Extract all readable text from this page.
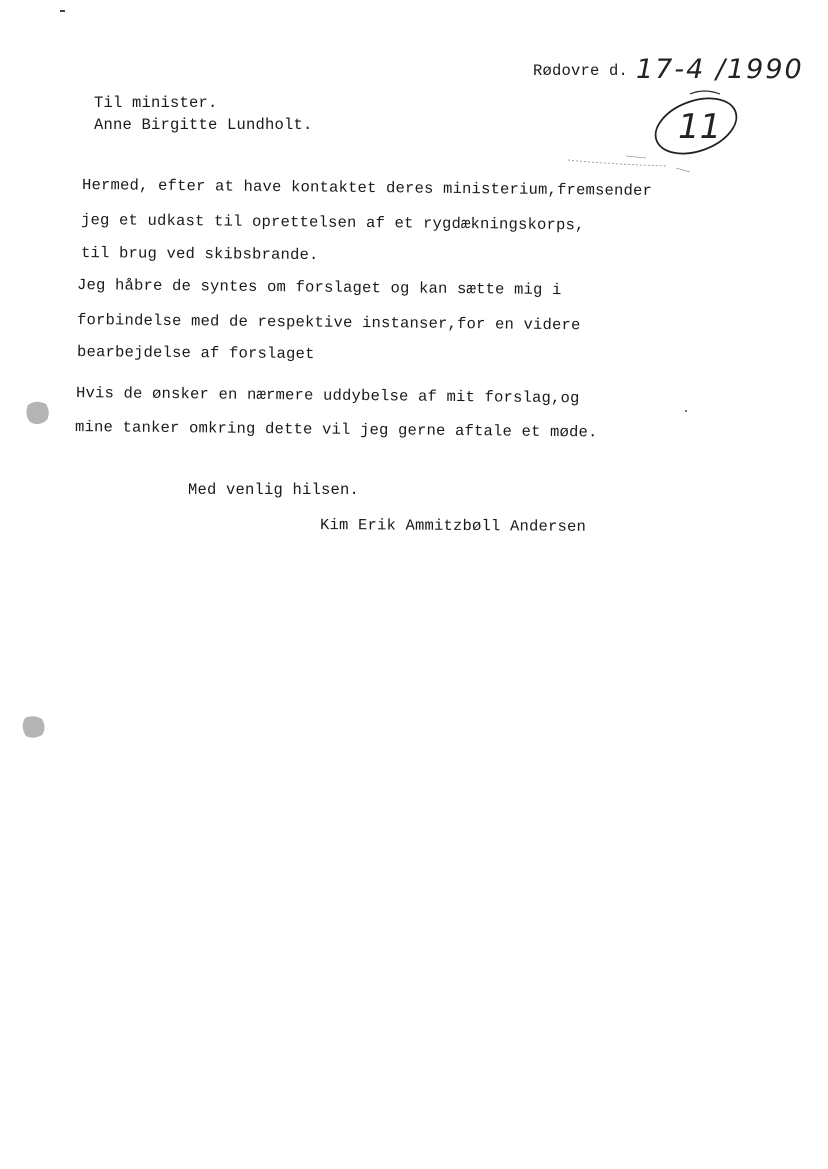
Rødovre d. 17-4 /1990
Til minister.
Anne Birgitte Lundholt.	11
Hermed, efter at have kontaktet deres ministerium,fremsender
jeg et udkast til oprettelsen af et rygdækningskorps,
til brug ved skibsbrande.
Jeg håbre de syntes om forslaget og kan sætte mig i
forbindelse med de respektive instanser,for en videre
bearbejdelse af forslaget
Hvis de ønsker en nærmere uddybelse af mit forslag,og
mine tanker omkring dette vil jeg gerne aftale et møde.
Med venlig hilsen.
Kim Erik Ammitzbøll Andersen
